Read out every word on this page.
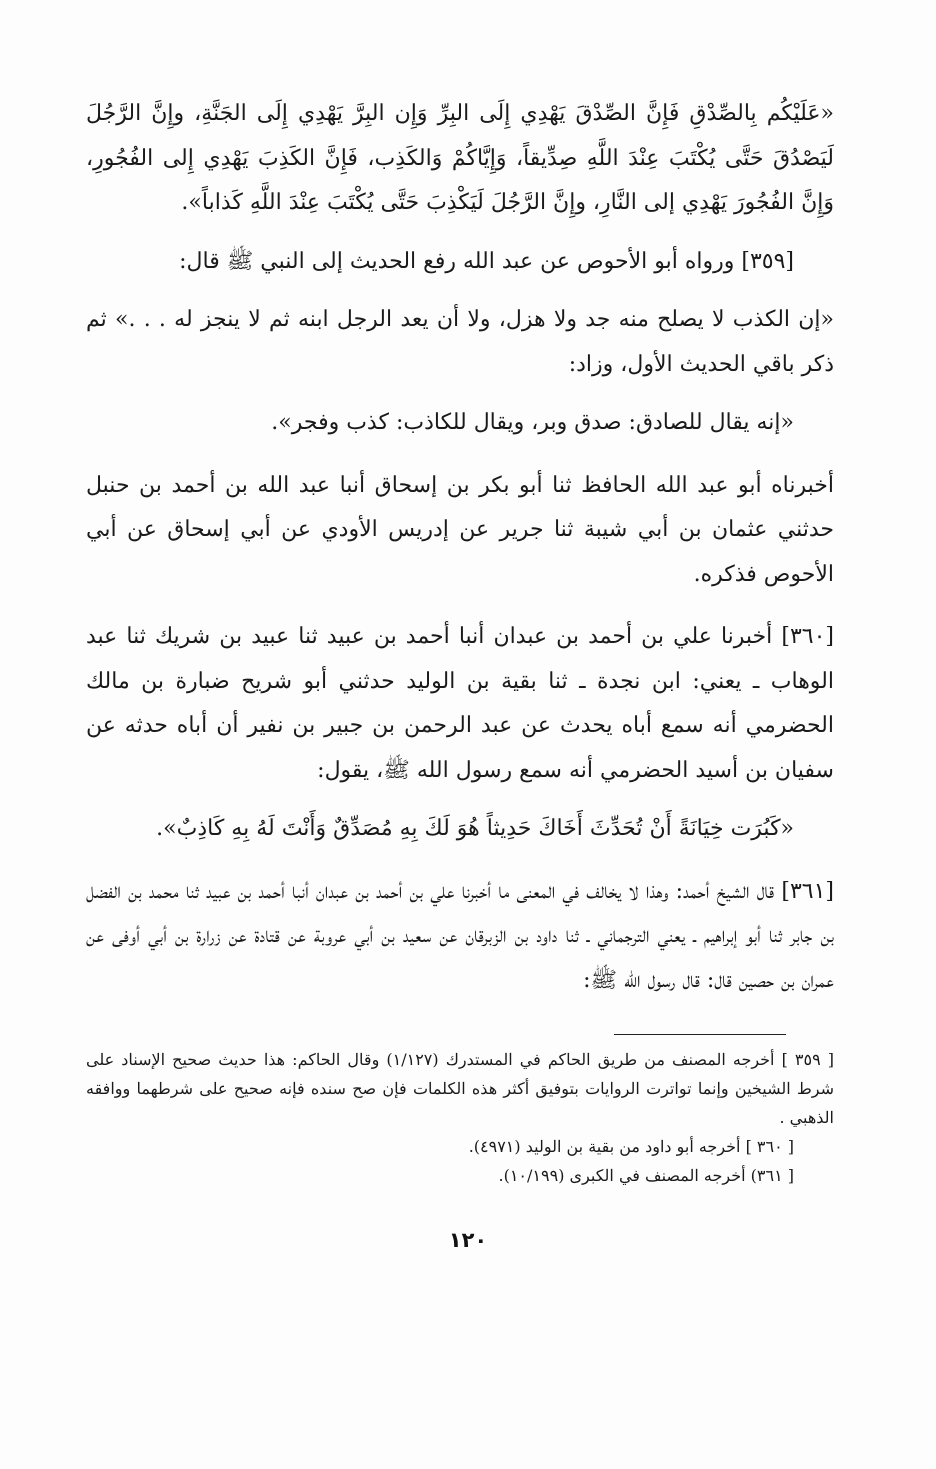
«عَلَيْكُم بِالصِّدْقِ فَإِنَّ الصِّدْقَ يَهْدِي إِلَى البِرِّ وَإِن البِرَّ يَهْدِي إِلَى الجَنَّةِ، وإِنَّ الرَّجُلَ لَيَصْدُقَ حَتَّى يُكْتَبَ عِنْدَ اللَّهِ صِدِّيقاً، وَإِيَّاكُمْ وَالكَذِب، فَإِنَّ الكَذِبَ يَهْدِي إِلى الفُجُورِ، وَإِنَّ الفُجُورَ يَهْدِي إلى النَّارِ، وإِنَّ الرَّجُلَ لَيَكْذِبَ حَتَّى يُكْتَبَ عِنْدَ اللَّهِ كَذاباً».

[٣٥٩] ورواه أبو الأحوص عن عبد الله رفع الحديث إلى النبي ﷺ قال:

«إن الكذب لا يصلح منه جد ولا هزل، ولا أن يعد الرجل ابنه ثم لا ينجز له . . .» ثم ذكر باقي الحديث الأول، وزاد:

«إنه يقال للصادق: صدق وبر، ويقال للكاذب: كذب وفجر».

أخبرناه أبو عبد الله الحافظ ثنا أبو بكر بن إسحاق أنبا عبد الله بن أحمد بن حنبل حدثني عثمان بن أبي شيبة ثنا جرير عن إدريس الأودي عن أبي إسحاق عن أبي الأحوص فذكره.

[٣٦٠] أخبرنا علي بن أحمد بن عبدان أنبا أحمد بن عبيد ثنا عبيد بن شريك ثنا عبد الوهاب ـ يعني: ابن نجدة ـ ثنا بقية بن الوليد حدثني أبو شريح ضبارة بن مالك الحضرمي أنه سمع أباه يحدث عن عبد الرحمن بن جبير بن نفير أن أباه حدثه عن سفيان بن أسيد الحضرمي أنه سمع رسول الله ﷺ، يقول:

«كَبُرَت خِيَانَةً أَنْ تُحَدِّثَ أَخَاكَ حَدِيثاً هُوَ لَكَ بِهِ مُصَدِّقٌ وَأَنْتَ لَهُ بِهِ كَاذِبٌ».

[٣٦١] قال الشيخ أحمد: وهذا لا يخالف في المعنى ما أخبرنا علي بن أحمد بن عبدان أنبا أحمد بن عبيد ثنا محمد بن الفضل بن جابر ثنا أبو إبراهيم ـ يعني الترجماني ـ ثنا داود بن الزبرقان عن سعيد بن أبي عروبة عن قتادة عن زرارة بن أبي أوفى عن عمران بن حصين قال: قال رسول الله ﷺ:

[ ٣٥٩ ] أخرجه المصنف من طريق الحاكم في المستدرك (١/١٢٧) وقال الحاكم: هذا حديث صحيح الإسناد على شرط الشيخين وإنما تواترت الروايات بتوفيق أكثر هذه الكلمات فإن صح سنده فإنه صحيح على شرطهما ووافقه الذهبي .

[ ٣٦٠ ] أخرجه أبو داود من بقية بن الوليد (٤٩٧١).

[ ٣٦١) أخرجه المصنف في الكبرى (١٠/١٩٩).

١٢٠
